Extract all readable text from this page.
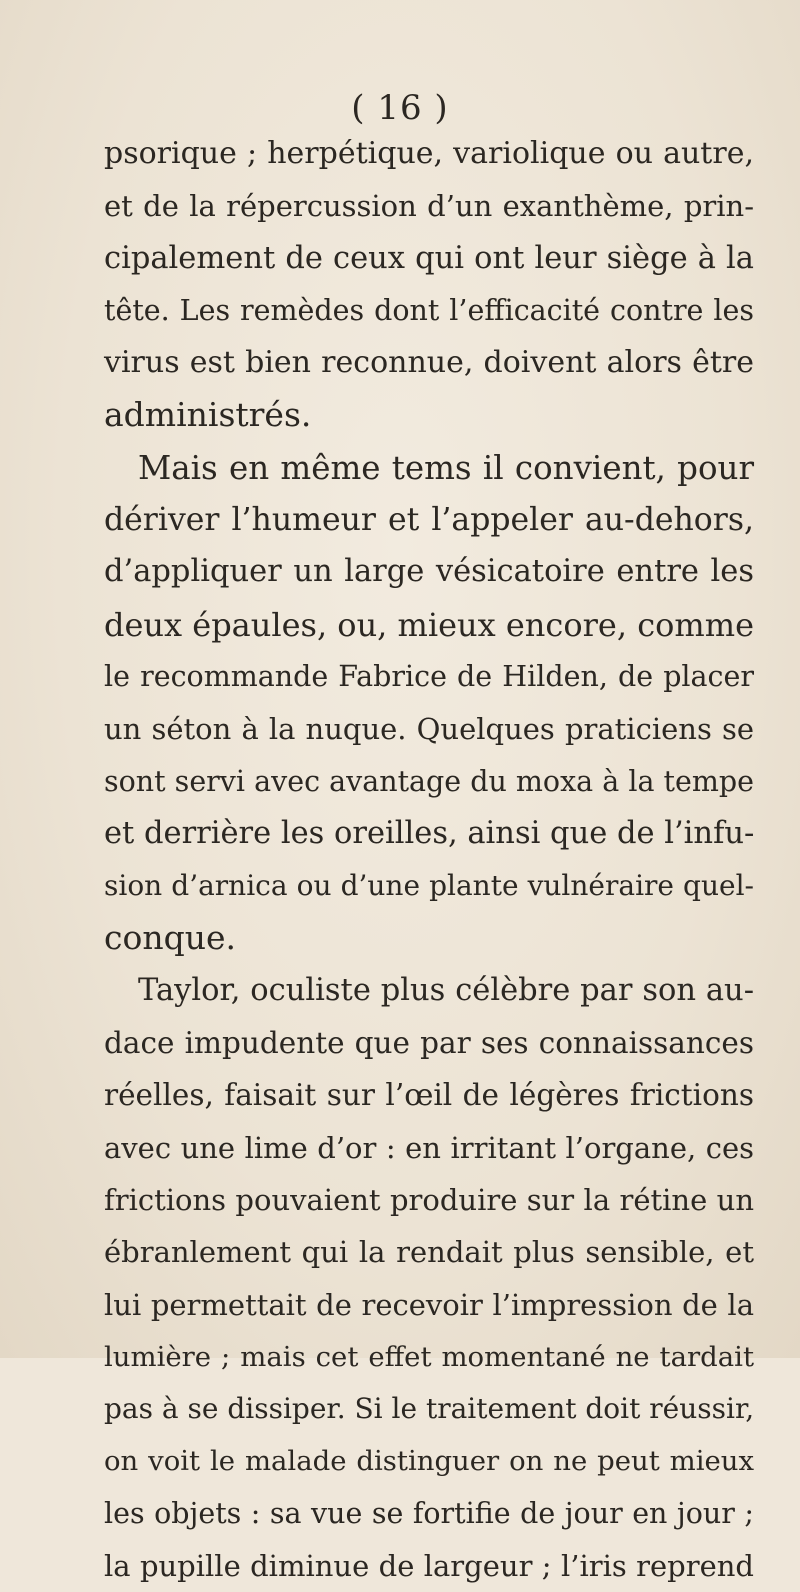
( 16 )
psorique ; herpétique, variolique ou autre,
et de la répercussion d’un exanthème, prin-
cipalement de ceux qui ont leur siège à la
tête. Les remèdes dont l’efficacité contre les
virus est bien reconnue, doivent alors être
administrés.
Mais en même tems il convient, pour
dériver l’humeur et l’appeler au-dehors,
d’appliquer un large vésicatoire entre les
deux épaules, ou, mieux encore, comme
le recommande Fabrice de Hilden, de placer
un séton à la nuque. Quelques praticiens se
sont servi avec avantage du moxa à la tempe
et derrière les oreilles, ainsi que de l’infu-
sion d’arnica ou d’une plante vulnéraire quel-
conque.
Taylor, oculiste plus célèbre par son au-
dace impudente que par ses connaissances
réelles, faisait sur l’œil de légères frictions
avec une lime d’or : en irritant l’organe, ces
frictions pouvaient produire sur la rétine un
ébranlement qui la rendait plus sensible, et
lui permettait de recevoir l’impression de la
lumière ; mais cet effet momentané ne tardait
pas à se dissiper. Si le traitement doit réussir,
on voit le malade distinguer on ne peut mieux
les objets : sa vue se fortifie de jour en jour ;
la pupille diminue de largeur ; l’iris reprend
